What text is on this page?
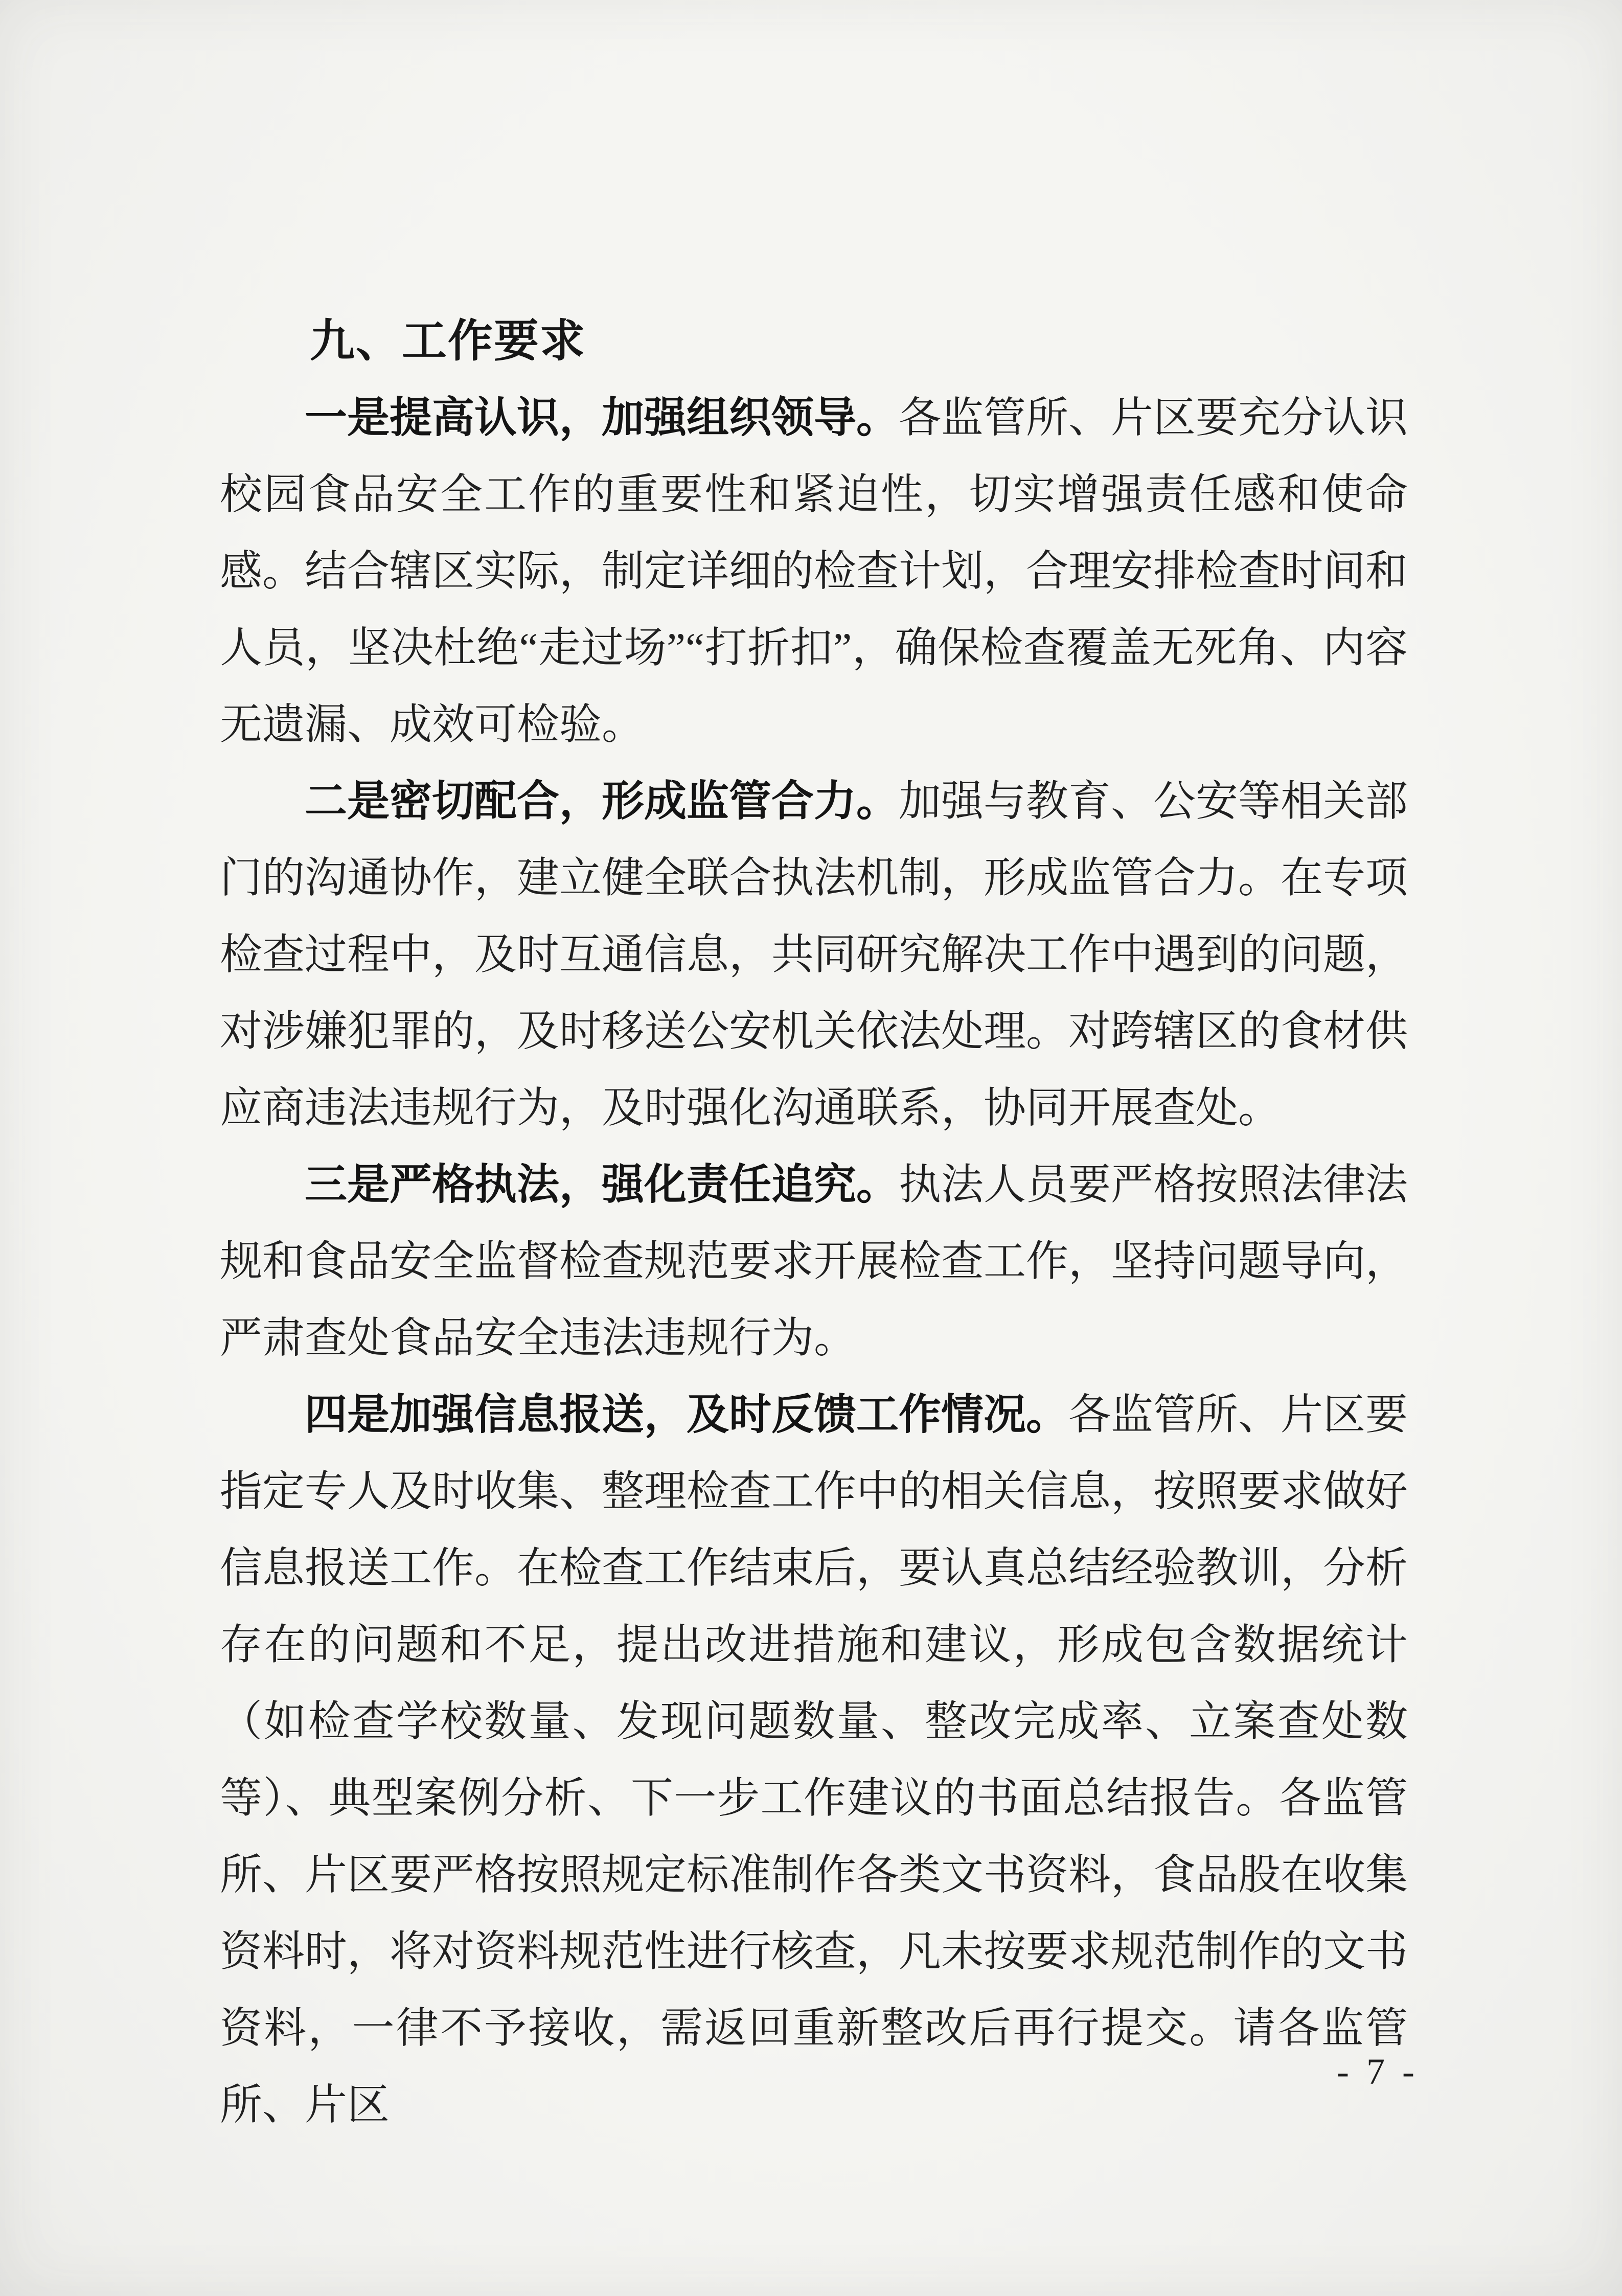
九、工作要求

一是提高认识，加强组织领导。各监管所、片区要充分认识校园食品安全工作的重要性和紧迫性，切实增强责任感和使命感。结合辖区实际，制定详细的检查计划，合理安排检查时间和人员，坚决杜绝“走过场”“打折扣”，确保检查覆盖无死角、内容无遗漏、成效可检验。

二是密切配合，形成监管合力。加强与教育、公安等相关部门的沟通协作，建立健全联合执法机制，形成监管合力。在专项检查过程中，及时互通信息，共同研究解决工作中遇到的问题，对涉嫌犯罪的，及时移送公安机关依法处理。对跨辖区的食材供应商违法违规行为，及时强化沟通联系，协同开展查处。

三是严格执法，强化责任追究。执法人员要严格按照法律法规和食品安全监督检查规范要求开展检查工作，坚持问题导向，严肃查处食品安全违法违规行为。

四是加强信息报送，及时反馈工作情况。各监管所、片区要指定专人及时收集、整理检查工作中的相关信息，按照要求做好信息报送工作。在检查工作结束后，要认真总结经验教训，分析存在的问题和不足，提出改进措施和建议，形成包含数据统计（如检查学校数量、发现问题数量、整改完成率、立案查处数等）、典型案例分析、下一步工作建议的书面总结报告。各监管所、片区要严格按照规定标准制作各类文书资料，食品股在收集资料时，将对资料规范性进行核查，凡未按要求规范制作的文书资料，一律不予接收，需返回重新整改后再行提交。请各监管所、片区

- 7 -
